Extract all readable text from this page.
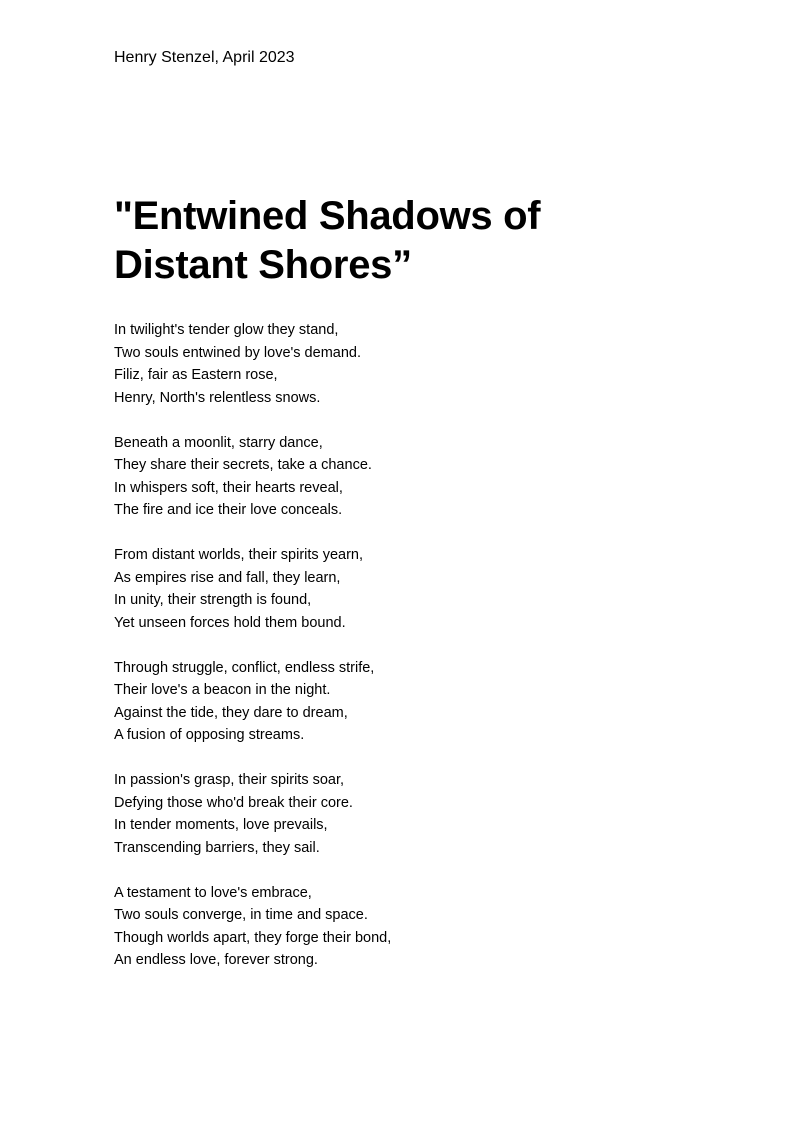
Henry Stenzel, April 2023
"Entwined Shadows of
Distant Shores”
In twilight's tender glow they stand,
Two souls entwined by love's demand.
Filiz, fair as Eastern rose,
Henry, North's relentless snows.
Beneath a moonlit, starry dance,
They share their secrets, take a chance.
In whispers soft, their hearts reveal,
The fire and ice their love conceals.
From distant worlds, their spirits yearn,
As empires rise and fall, they learn,
In unity, their strength is found,
Yet unseen forces hold them bound.
Through struggle, conflict, endless strife,
Their love's a beacon in the night.
Against the tide, they dare to dream,
A fusion of opposing streams.
In passion's grasp, their spirits soar,
Defying those who'd break their core.
In tender moments, love prevails,
Transcending barriers, they sail.
A testament to love's embrace,
Two souls converge, in time and space.
Though worlds apart, they forge their bond,
An endless love, forever strong.
